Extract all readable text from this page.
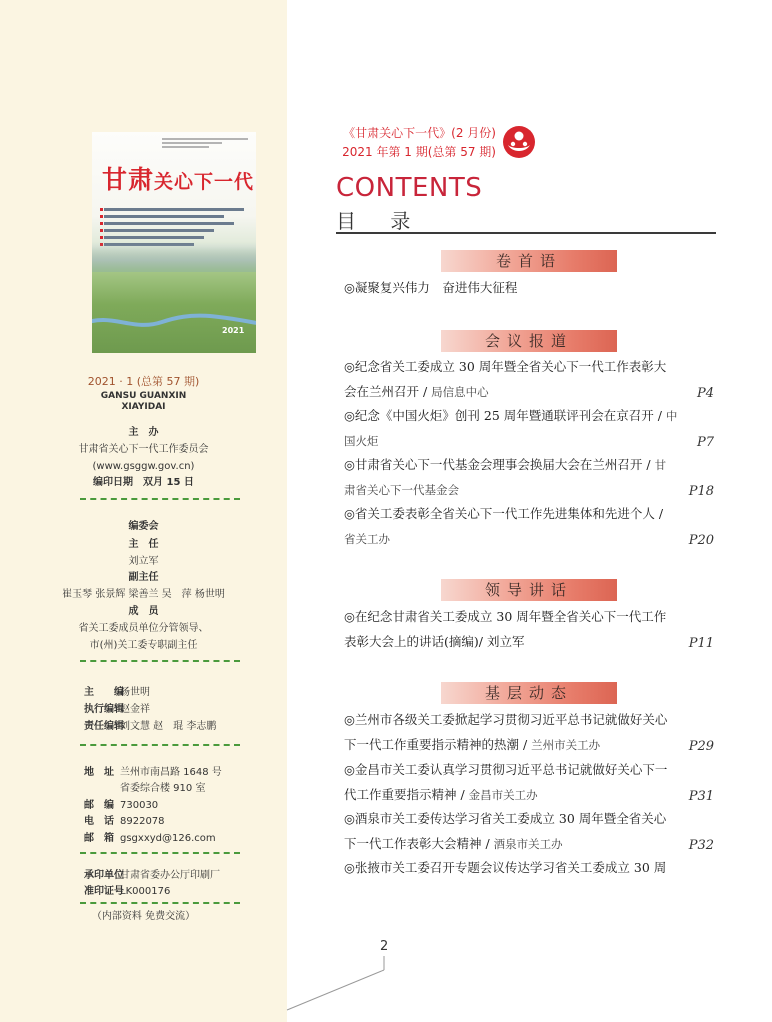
甘肃关心下一代
2021
2021 · 1 (总第 57 期)
GANSU GUANXIN
XIAYIDAI
主　办
甘肃省关心下一代工作委员会
(www.gsggw.gov.cn)
编印日期　双月 15 日
编委会
主　任
刘立军
副主任
崔玉琴 张景辉 梁善兰 吴　萍 杨世明
成　员
省关工委成员单位分管领导、
市(州)关工委专职副主任
主　　编杨世明
执行编辑赵金祥
责任编辑刘文慧 赵　琨 李志鹏
地　址 兰州市南昌路 1648 号
省委综合楼 910 室
邮　编 730030
电　话 8922078
邮　箱 gsgxxyd@126.com
承印单位甘肃省委办公厅印刷厂
准印证号LK000176
（内部资料 免费交流）
《甘肃关心下一代》(2 月份)
2021 年第 1 期(总第 57 期)
CONTENTS
目 录
卷首语
◎凝聚复兴伟力　奋进伟大征程
会议报道
◎纪念省关工委成立 30 周年暨全省关心下一代工作表彰大
会在兰州召开 / 局信息中心	P4
◎纪念《中国火炬》创刊 25 周年暨通联评刊会在京召开 / 中
国火炬	P7
◎甘肃省关心下一代基金会理事会换届大会在兰州召开 / 甘
肃省关心下一代基金会	P18
◎省关工委表彰全省关心下一代工作先进集体和先进个人 /
省关工办	P20
领导讲话
◎在纪念甘肃省关工委成立 30 周年暨全省关心下一代工作
表彰大会上的讲话(摘编)/ 刘立军	P11
基层动态
◎兰州市各级关工委掀起学习贯彻习近平总书记就做好关心
下一代工作重要指示精神的热潮 / 兰州市关工办	P29
◎金昌市关工委认真学习贯彻习近平总书记就做好关心下一
代工作重要指示精神 / 金昌市关工办	P31
◎酒泉市关工委传达学习省关工委成立 30 周年暨全省关心
下一代工作表彰大会精神 / 酒泉市关工办	P32
◎张掖市关工委召开专题会议传达学习省关工委成立 30 周
2
